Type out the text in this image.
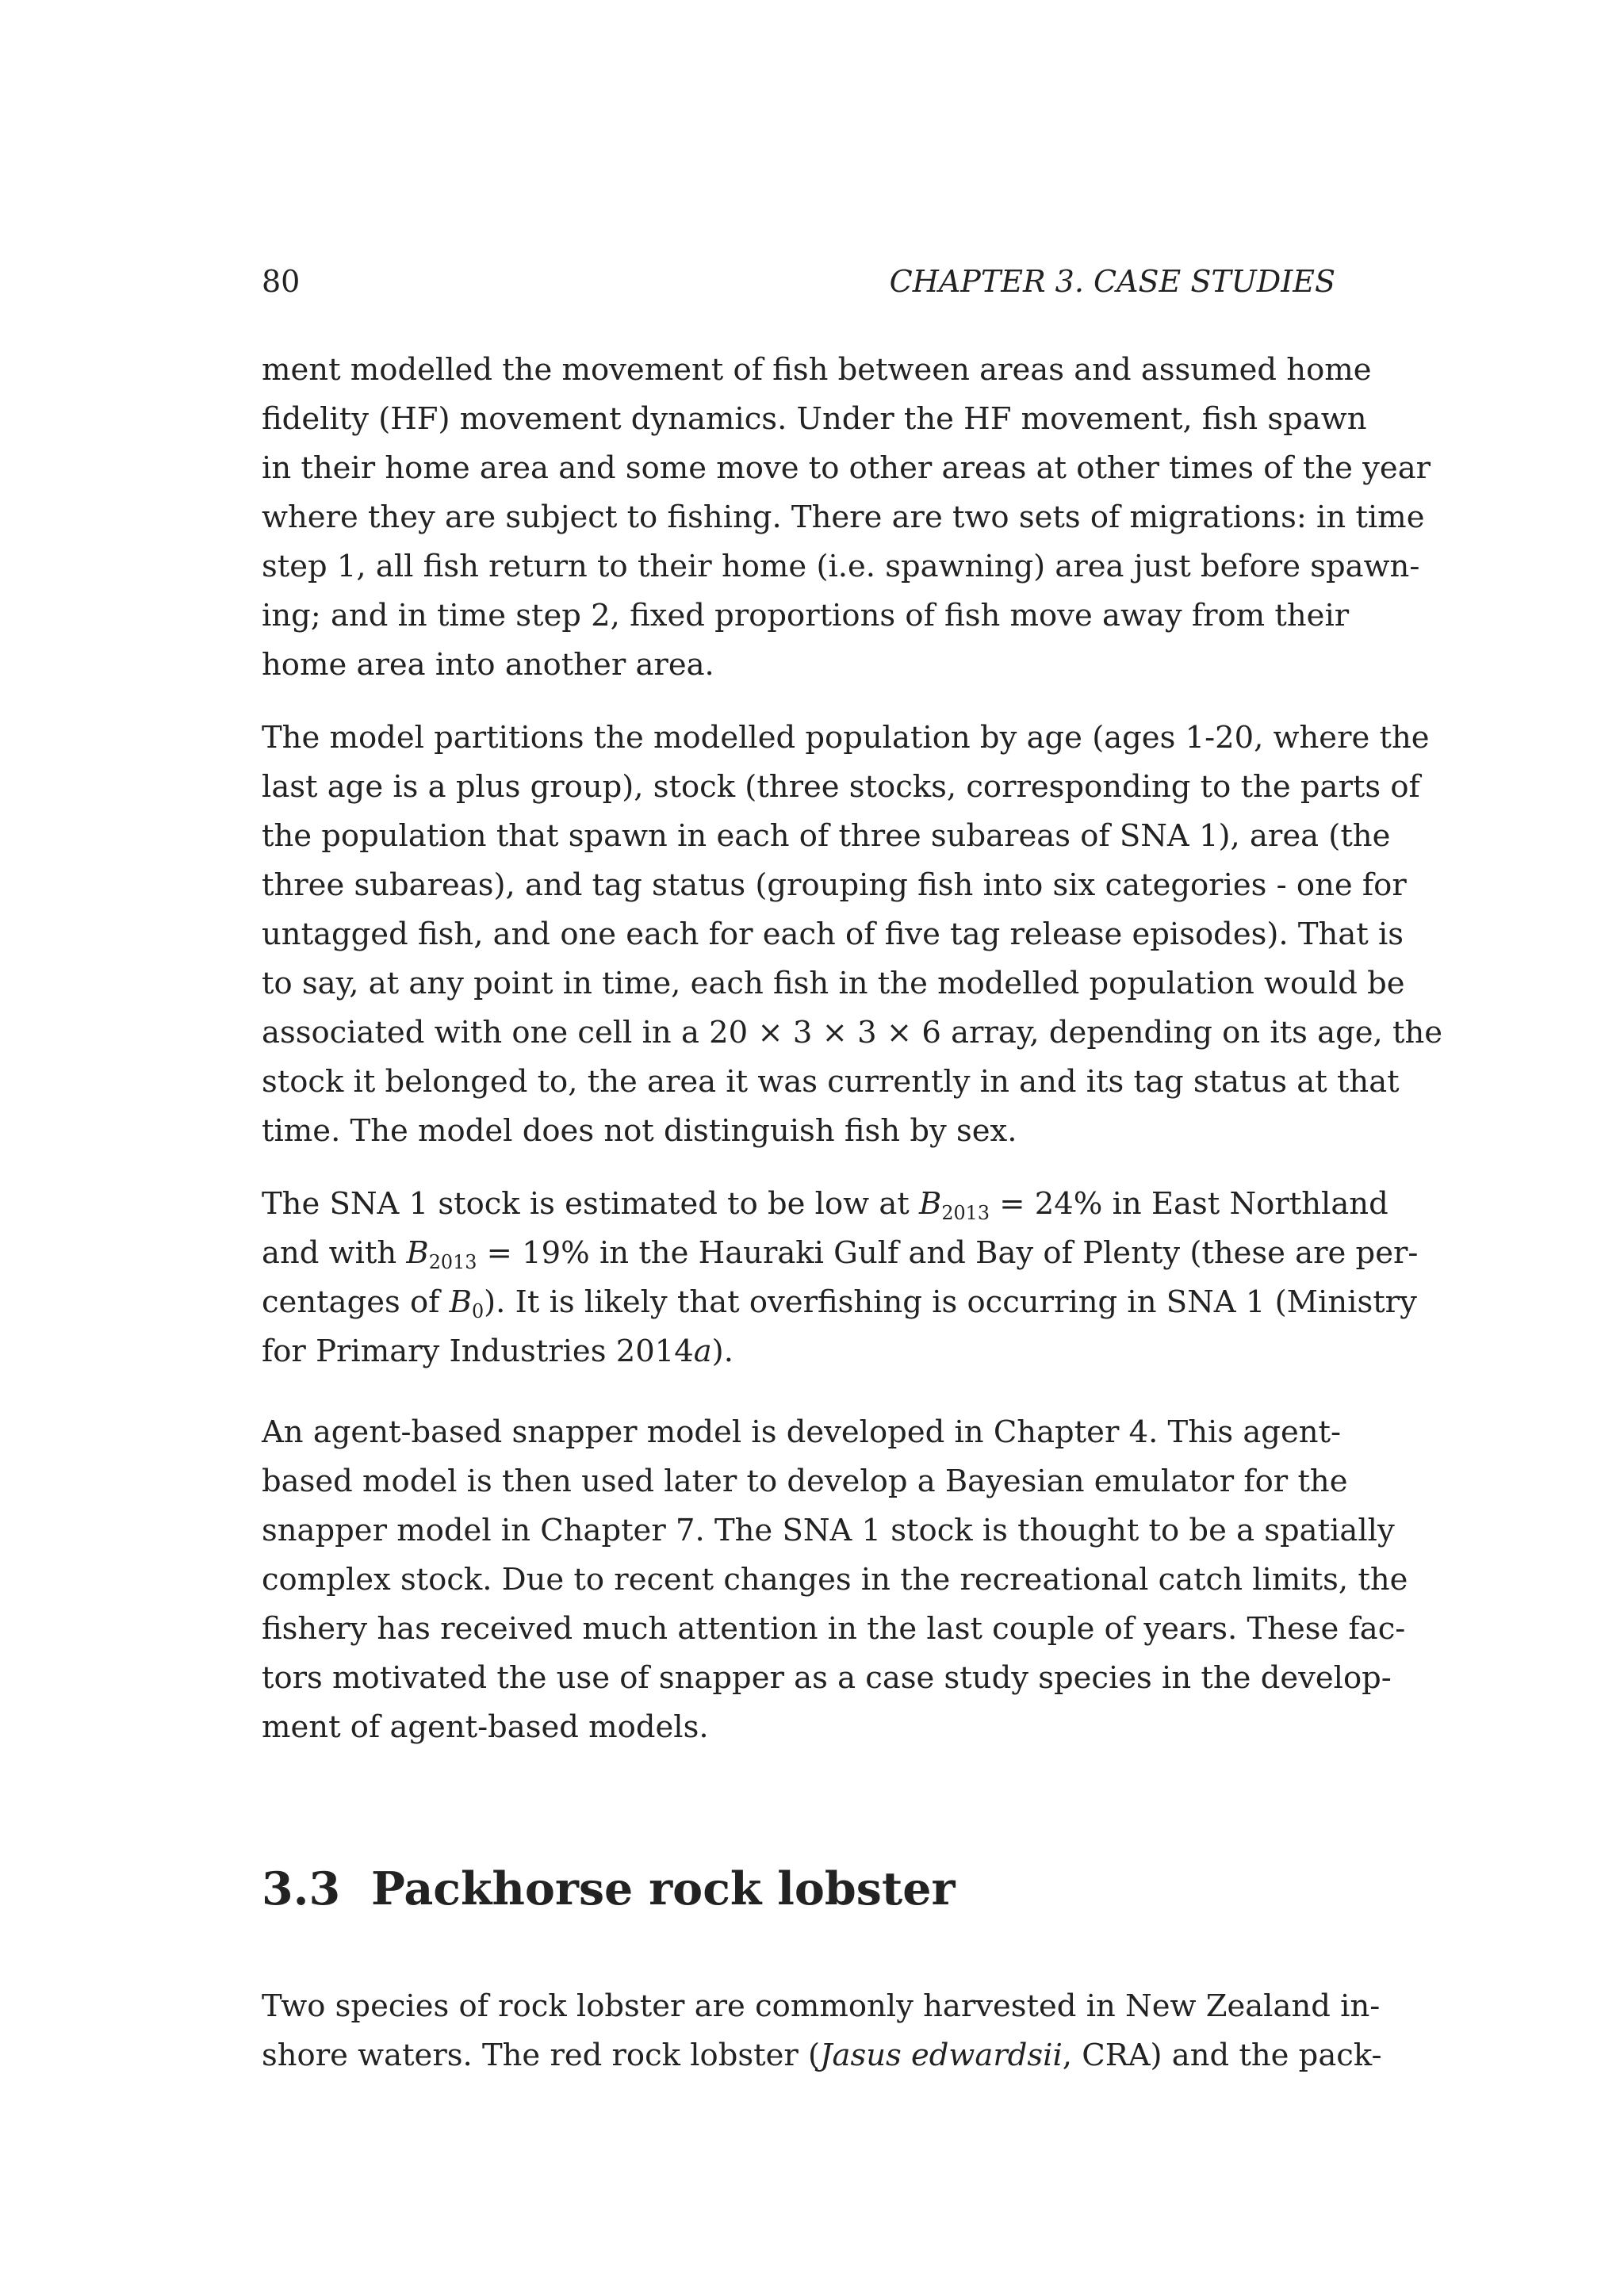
80	CHAPTER 3. CASE STUDIES
ment modelled the movement of fish between areas and assumed home
fidelity (HF) movement dynamics. Under the HF movement, fish spawn
in their home area and some move to other areas at other times of the year
where they are subject to fishing. There are two sets of migrations: in time
step 1, all fish return to their home (i.e. spawning) area just before spawn-
ing; and in time step 2, fixed proportions of fish move away from their
home area into another area.
The model partitions the modelled population by age (ages 1-20, where the
last age is a plus group), stock (three stocks, corresponding to the parts of
the population that spawn in each of three subareas of SNA 1), area (the
three subareas), and tag status (grouping fish into six categories - one for
untagged fish, and one each for each of five tag release episodes). That is
to say, at any point in time, each fish in the modelled population would be
associated with one cell in a 20 × 3 × 3 × 6 array, depending on its age, the
stock it belonged to, the area it was currently in and its tag status at that
time. The model does not distinguish fish by sex.
The SNA 1 stock is estimated to be low at $B_{2013} = 24\%$ in East Northland
and with $B_{2013} = 19\%$ in the Hauraki Gulf and Bay of Plenty (these are per-
centages of $B_0$). It is likely that overfishing is occurring in SNA 1 (Ministry
for Primary Industries 2014a).
An agent-based snapper model is developed in Chapter 4. This agent-
based model is then used later to develop a Bayesian emulator for the
snapper model in Chapter 7. The SNA 1 stock is thought to be a spatially
complex stock. Due to recent changes in the recreational catch limits, the
fishery has received much attention in the last couple of years. These fac-
tors motivated the use of snapper as a case study species in the develop-
ment of agent-based models.
3.3 Packhorse rock lobster
Two species of rock lobster are commonly harvested in New Zealand in-
shore waters. The red rock lobster (Jasus edwardsii, CRA) and the pack-
